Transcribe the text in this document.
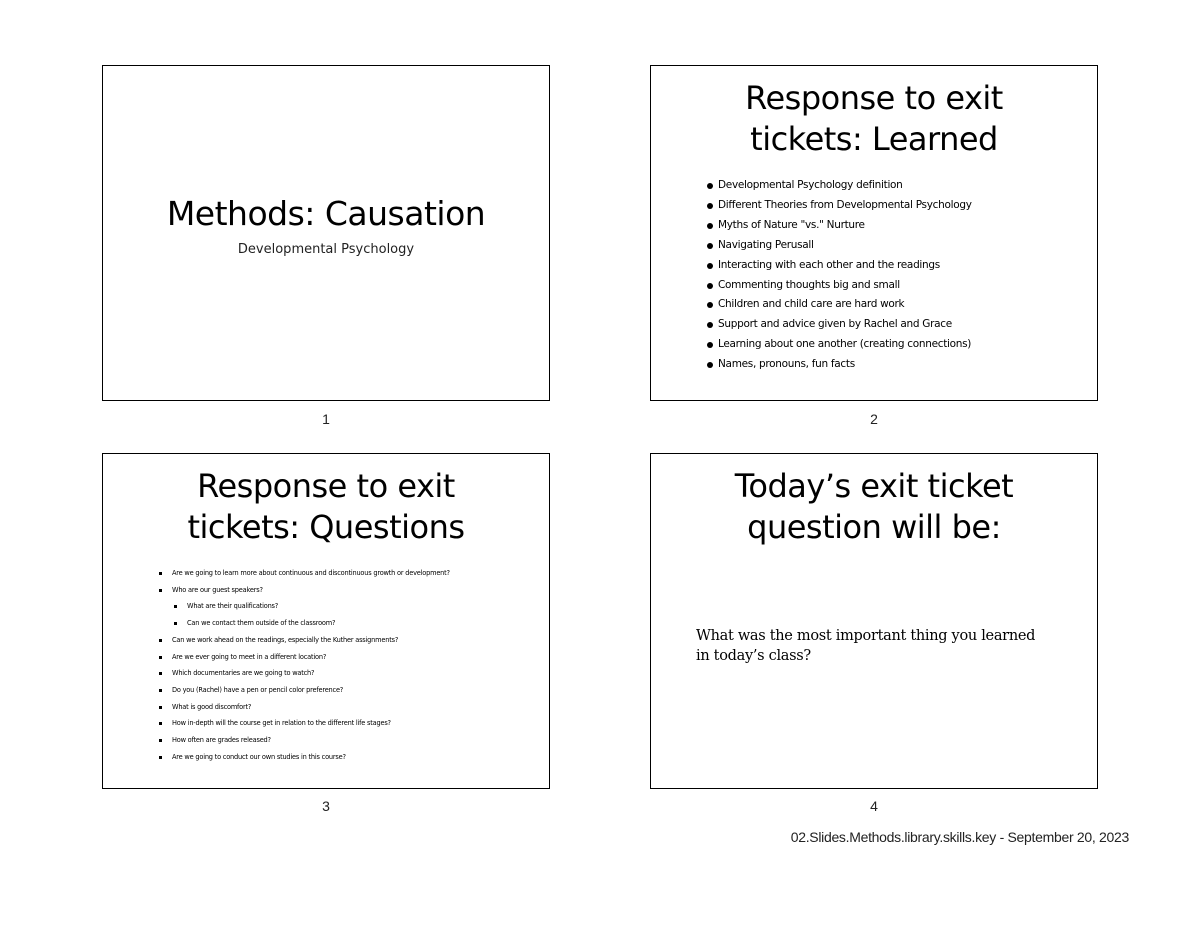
Methods: Causation
Developmental Psychology
1
Response to exit
tickets: Learned
Developmental Psychology definition
Different Theories from Developmental Psychology
Myths of Nature "vs." Nurture
Navigating Perusall
Interacting with each other and the readings
Commenting thoughts big and small
Children and child care are hard work
Support and advice given by Rachel and Grace
Learning about one another (creating connections)
Names, pronouns, fun facts
2
Response to exit
tickets: Questions
Are we going to learn more about continuous and discontinuous growth or development?
Who are our guest speakers?
What are their qualifications?
Can we contact them outside of the classroom?
Can we work ahead on the readings, especially the Kuther assignments?
Are we ever going to meet in a different location?
Which documentaries are we going to watch?
Do you (Rachel) have a pen or pencil color preference?
What is good discomfort?
How in-depth will the course get in relation to the different life stages?
How often are grades released?
Are we going to conduct our own studies in this course?
3
Today’s exit ticket
question will be:
What was the most important thing you learned in today’s class?
4
02.Slides.Methods.library.skills.key - September 20, 2023
